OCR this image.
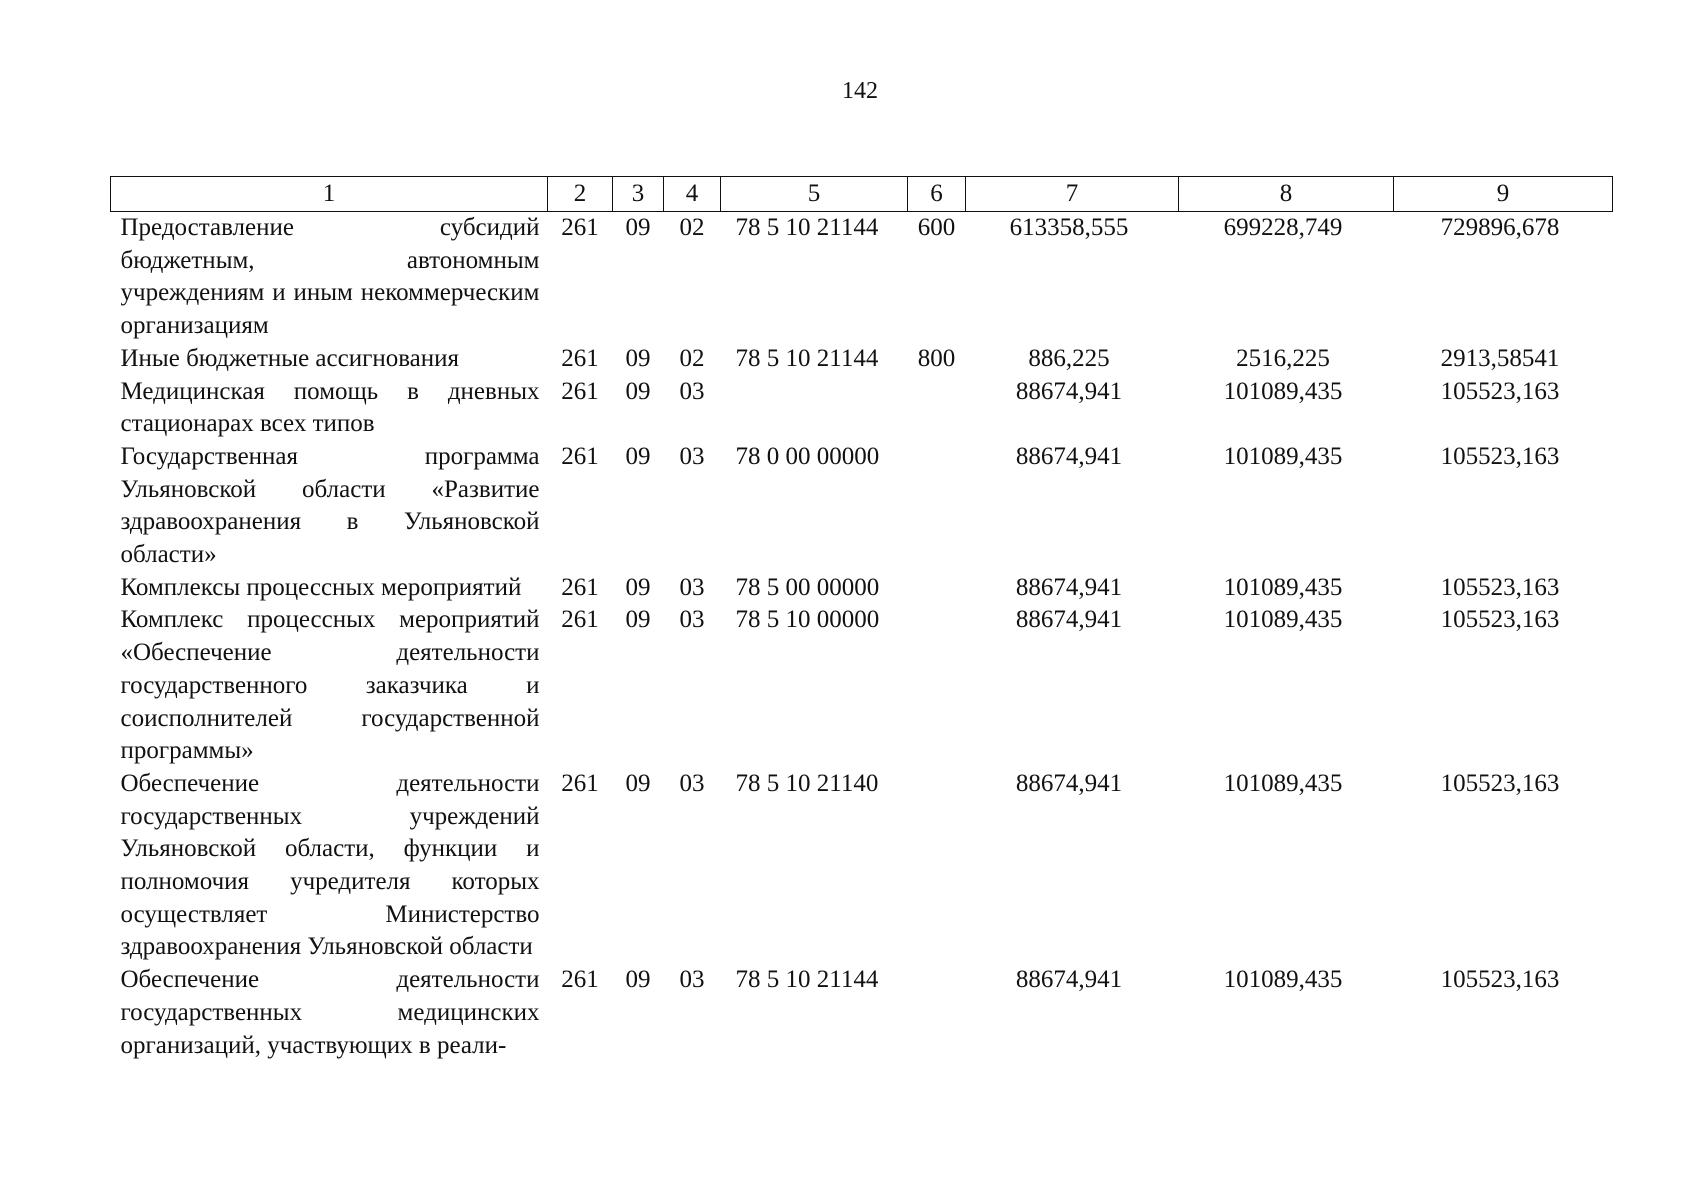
142
1	2	3	4	5	6	7	8	9

Предоставление субсидий бюджетным, автономным учреждениям и иным некоммерческим организациям	261	09	02	78 5 10 21144	600	613358,555	699228,749	729896,678

Иные бюджетные ассигнования	261	09	02	78 5 10 21144	800	886,225	2516,225	2913,58541

Медицинская помощь в дневных стационарах всех типов	261	09	03			88674,941	101089,435	105523,163

Государственная программа Ульяновской области «Развитие здравоохранения в Ульяновской области»	261	09	03	78 0 00 00000		88674,941	101089,435	105523,163

Комплексы процессных мероприятий	261	09	03	78 5 00 00000		88674,941	101089,435	105523,163

Комплекс процессных мероприятий «Обеспечение деятельности государственного заказчика и соисполнителей государственной программы»	261	09	03	78 5 10 00000		88674,941	101089,435	105523,163

Обеспечение деятельности государственных учреждений Ульяновской области, функции и полномочия учредителя которых осуществляет Министерство здравоохранения Ульяновской области	261	09	03	78 5 10 21140		88674,941	101089,435	105523,163

Обеспечение деятельности государственных медицинских организаций, участвующих в реали-	261	09	03	78 5 10 21144		88674,941	101089,435	105523,163
